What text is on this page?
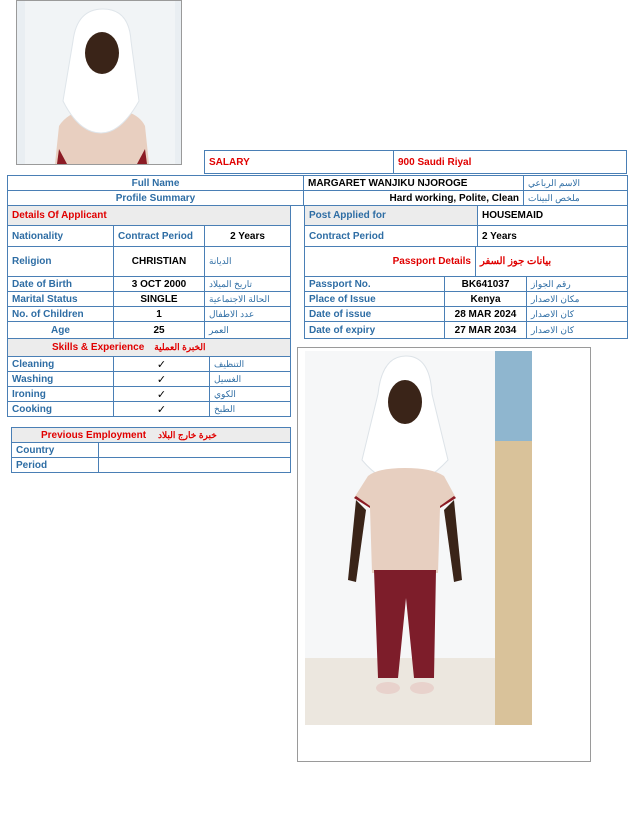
SALARY	900 Saudi Riyal
Full Name	MARGARET WANJIKU NJOROGE	الاسم الرباعي
Profile Summary	Hard working, Polite, Clean	ملخص البينات
Details Of Applicant	Post Applied for	HOUSEMAID
Nationality	Contract Period	2 Years	Contract Period	2 Years
Religion	CHRISTIAN	الديانة	Passport Details بيانات جوز السفر
Date of Birth	3 OCT 2000	تاريخ الميلاد	Passport No.	BK641037	رقم الجواز
Marital Status	SINGLE	الحالة الاجتماعية	Place of Issue	Kenya	مكان الاصدار
No. of Children	1	عدد الاطفال	Date of issue	28 MAR 2024	كان الاصدار
Age	25	العمر	Date of expiry	27 MAR 2034	كان الاصدار
Skills & Experience الخبرة العملية
Cleaning	✓	التنظيف
Washing	✓	الغسيل
Ironing	✓	الكوي
Cooking	✓	الطبخ
Previous Employment خبرة خارج البلاد
Country
Period
